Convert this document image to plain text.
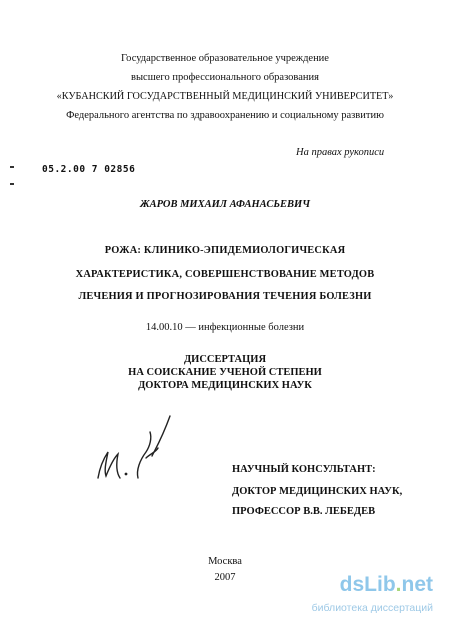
Государственное образовательное учреждение
высшего профессионального образования
«КУБАНСКИЙ ГОСУДАРСТВЕННЫЙ МЕДИЦИНСКИЙ УНИВЕРСИТЕТ»
Федерального агентства по здравоохранению и социальному развитию
На правах рукописи
05.2.00 7 02856
ЖАРОВ МИХАИЛ АФАНАСЬЕВИЧ
РОЖА: КЛИНИКО-ЭПИДЕМИОЛОГИЧЕСКАЯ
ХАРАКТЕРИСТИКА, СОВЕРШЕНСТВОВАНИЕ МЕТОДОВ
ЛЕЧЕНИЯ И ПРОГНОЗИРОВАНИЯ ТЕЧЕНИЯ БОЛЕЗНИ
14.00.10 — инфекционные болезни
ДИССЕРТАЦИЯ
НА СОИСКАНИЕ УЧЕНОЙ СТЕПЕНИ
ДОКТОРА МЕДИЦИНСКИХ НАУК
НАУЧНЫЙ КОНСУЛЬТАНТ:
ДОКТОР МЕДИЦИНСКИХ НАУК,
ПРОФЕССОР В.В. ЛЕБЕДЕВ
Москва
2007	dsLib.net
библиотека диссертаций
